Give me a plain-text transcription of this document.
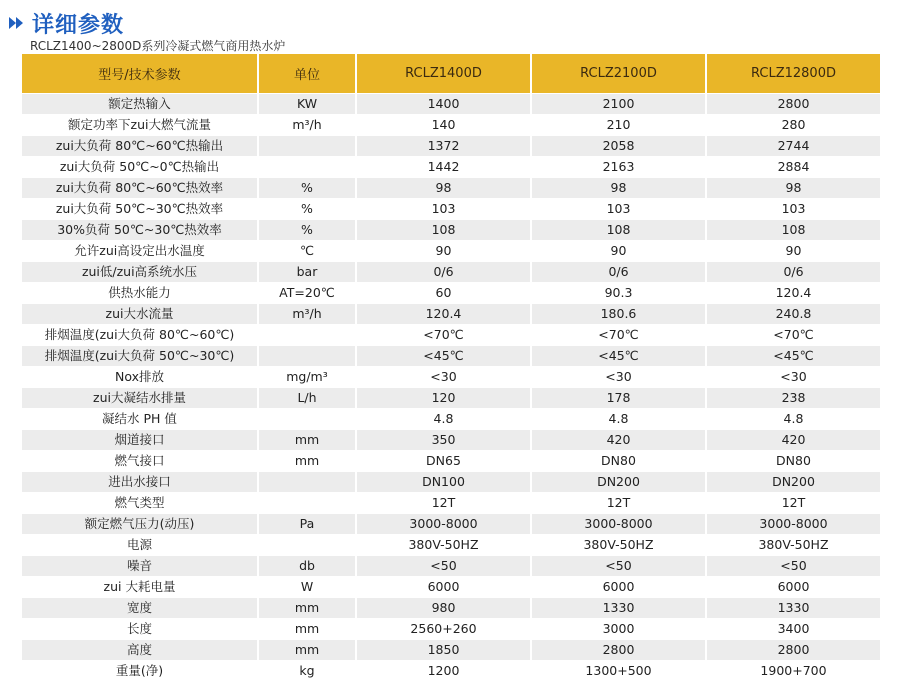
详细参数
RCLZ1400~2800D系列冷凝式燃气商用热水炉
型号/技术参数	单位	RCLZ1400D	RCLZ2100D	RCLZ12800D
额定热输入	KW	1400	2100	2800
额定功率下zui大燃气流量	m³/h	140	210	280
zui大负荷 80℃~60℃热输出		1372	2058	2744
zui大负荷 50℃~0℃热输出		1442	2163	2884
zui大负荷 80℃~60℃热效率	%	98	98	98
zui大负荷 50℃~30℃热效率	%	103	103	103
30%负荷 50℃~30℃热效率	%	108	108	108
允许zui高设定出水温度	℃	90	90	90
zui低/zui高系统水压	bar	0/6	0/6	0/6
供热水能力	AT=20℃	60	90.3	120.4
zui大水流量	m³/h	120.4	180.6	240.8
排烟温度(zui大负荷 80℃~60℃)		<70℃	<70℃	<70℃
排烟温度(zui大负荷 50℃~30℃)		<45℃	<45℃	<45℃
Nox排放	mg/m³	<30	<30	<30
zui大凝结水排量	L/h	120	178	238
凝结水 PH 值		4.8	4.8	4.8
烟道接口	mm	350	420	420
燃气接口	mm	DN65	DN80	DN80
进出水接口		DN100	DN200	DN200
燃气类型		12T	12T	12T
额定燃气压力(动压)	Pa	3000-8000	3000-8000	3000-8000
电源		380V-50HZ	380V-50HZ	380V-50HZ
噪音	db	<50	<50	<50
zui 大耗电量	W	6000	6000	6000
宽度	mm	980	1330	1330
长度	mm	2560+260	3000	3400
高度	mm	1850	2800	2800
重量(净)	kg	1200	1300+500	1900+700
